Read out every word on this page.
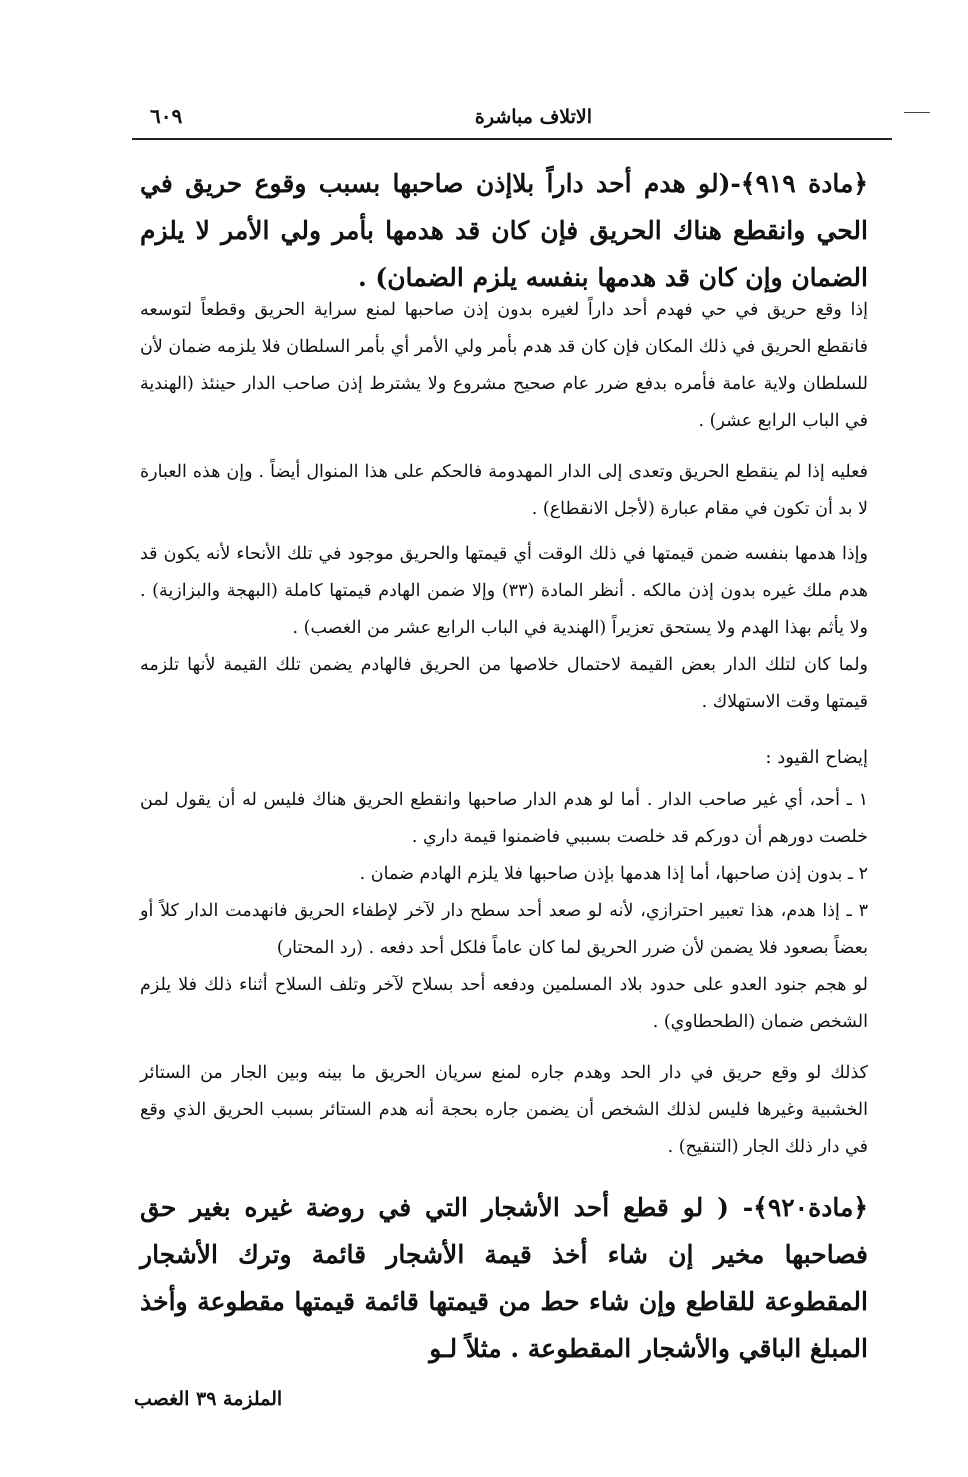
الاتلاف مباشرة
٦٠٩

﴿مادة ٩١٩﴾-(لو هدم أحد داراً بلاإذن صاحبها بسبب وقوع حريق في الحي وانقطع هناك الحريق فإن كان قد هدمها بأمر ولي الأمر لا يلزم الضمان وإن كان قد هدمها بنفسه يلزم الضمان) .

إذا وقع حريق في حي فهدم أحد داراً لغيره بدون إذن صاحبها لمنع سراية الحريق وقطعاً لتوسعه فانقطع الحريق في ذلك المكان فإن كان قد هدم بأمر ولي الأمر أي بأمر السلطان فلا يلزمه ضمان لأن للسلطان ولاية عامة فأمره بدفع ضرر عام صحيح مشروع ولا يشترط إذن صاحب الدار حينئذ (الهندية في الباب الرابع عشر) .

فعليه إذا لم ينقطع الحريق وتعدى إلى الدار المهدومة فالحكم على هذا المنوال أيضاً . وإن هذه العبارة لا بد أن تكون في مقام عبارة (لأجل الانقطاع) .

وإذا هدمها بنفسه ضمن قيمتها في ذلك الوقت أي قيمتها والحريق موجود في تلك الأنحاء لأنه يكون قد هدم ملك غيره بدون إذن مالكه . أنظر المادة (٣٣) وإلا ضمن الهادم قيمتها كاملة (البهجة والبزازية) . ولا يأثم بهذا الهدم ولا يستحق تعزيراً (الهندية في الباب الرابع عشر من الغصب) .

ولما كان لتلك الدار بعض القيمة لاحتمال خلاصها من الحريق فالهادم يضمن تلك القيمة لأنها تلزمه قيمتها وقت الاستهلاك .

إيضاح القيود :

١ ـ أحد، أي غير صاحب الدار . أما لو هدم الدار صاحبها وانقطع الحريق هناك فليس له أن يقول لمن خلصت دورهم أن دوركم قد خلصت بسببي فاضمنوا قيمة داري .

٢ ـ بدون إذن صاحبها، أما إذا هدمها بإذن صاحبها فلا يلزم الهادم ضمان .

٣ ـ إذا هدم، هذا تعبير احترازي، لأنه لو صعد أحد سطح دار لآخر لإطفاء الحريق فانهدمت الدار كلاً أو بعضاً بصعود فلا يضمن لأن ضرر الحريق لما كان عاماً فلكل أحد دفعه . (رد المحتار)

لو هجم جنود العدو على حدود بلاد المسلمين ودفعه أحد بسلاح لآخر وتلف السلاح أثناء ذلك فلا يلزم الشخص ضمان (الطحطاوي) .

كذلك لو وقع حريق في دار الحد وهدم جاره لمنع سريان الحريق ما بينه وبين الجار من الستائر الخشبية وغيرها فليس لذلك الشخص أن يضمن جاره بحجة أنه هدم الستائر بسبب الحريق الذي وقع في دار ذلك الجار (التنقيح) .

﴿مادة٩٢٠﴾- ( لو قطع أحد الأشجار التي في روضة غيره بغير حق فصاحبها مخير إن شاء أخذ قيمة الأشجار قائمة وترك الأشجار المقطوعة للقاطع وإن شاء حط من قيمتها قائمة قيمتها مقطوعة وأخذ المبلغ الباقي والأشجار المقطوعة . مثلاً لـو

الملزمة ٣٩ الغصب
